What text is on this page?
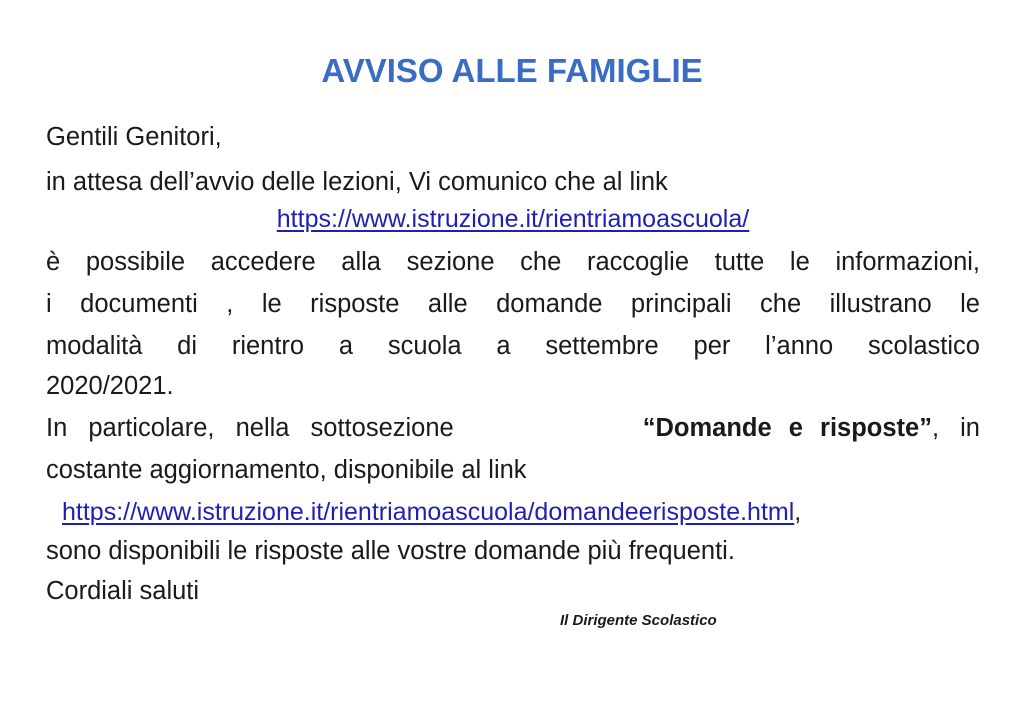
AVVISO ALLE FAMIGLIE
Gentili Genitori,
in attesa dell’avvio delle lezioni, Vi comunico che al link
https://www.istruzione.it/rientriamoascuola/
è possibile accedere alla sezione che raccoglie tutte le informazioni,
i documenti , le risposte alle domande principali che illustrano le
modalità di rientro a scuola a settembre per l’anno scolastico
2020/2021.
In particolare, nella sottosezione	“Domande e risposte”, in
costante aggiornamento, disponibile al link
https://www.istruzione.it/rientriamoascuola/domandeerisposte.html,
sono disponibili le risposte alle vostre domande più frequenti.
Cordiali saluti
Il Dirigente Scolastico
